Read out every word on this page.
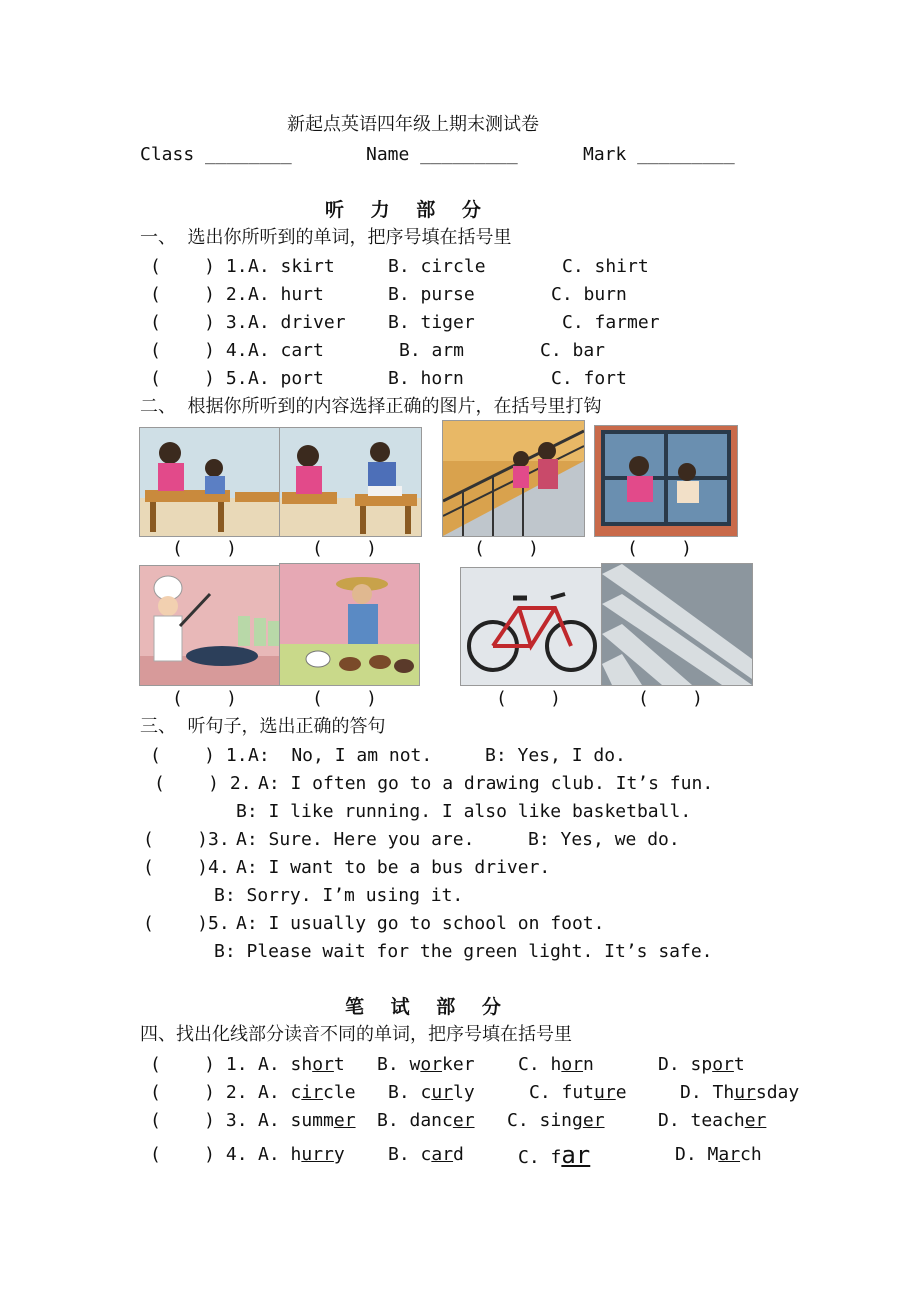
新起点英语四年级上期末测试卷
Class ________	Name _________	Mark _________
听 力 部 分
一、  选出你所听到的单词，把序号填在括号里
(    ) 1. A. skirt	B. circle	C. shirt
(    ) 2. A. hurt	B. purse	C. burn
(    ) 3. A. driver B. tiger	C. farmer
(    ) 4. A. cart	B. arm	C. bar
(    ) 5. A. port	B. horn	C. fort
二、  根据你所听到的内容选择正确的图片，在括号里打钩
(    )	(    )	(    )	(    )
(    )	(    )	(    )	(    )
三、  听句子，选出正确的答句
(    ) 1. A:  No, I am not.	B: Yes, I do.
(    ) 2. A: I often go to a drawing club. It’s fun.
B: I like running. I also like basketball.
(    )3. A: Sure. Here you are.	B: Yes, we do.
(    )4. A: I want to be a bus driver.
B: Sorry. I’m using it.
(    )5. A: I usually go to school on foot.
B: Please wait for the green light. It’s safe.
笔 试 部 分
四、找出化线部分读音不同的单词，把序号填在括号里
(    ) 1. A. short B. worker C. horn	D. sport
(    ) 2. A. circle B. curly	C. future	D. Thursday
(    ) 3. A. summer B. dancer C. singer	D. teacher
(    ) 4. A. hurry B. card	C. far	D. March
